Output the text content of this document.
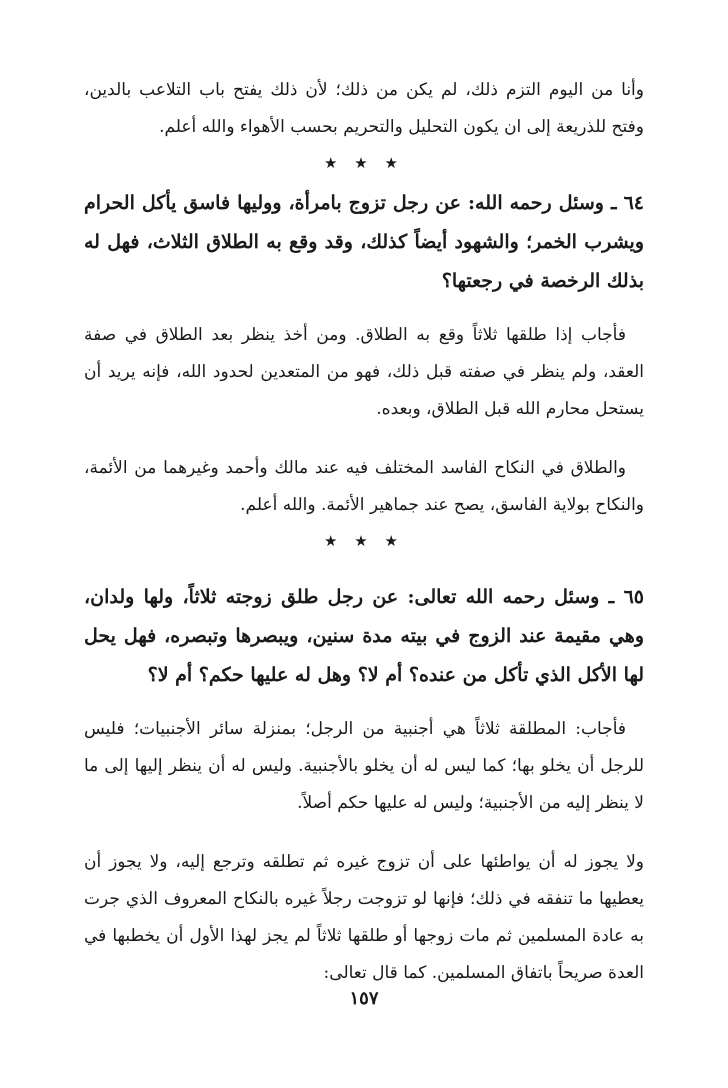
وأنا من اليوم التزم ذلك، لم يكن من ذلك؛ لأن ذلك يفتح باب التلاعب بالدين، وفتح للذريعة إلى ان يكون التحليل والتحريم بحسب الأهواء والله أعلم.

★ ★ ★

٦٤ ـ وسئل رحمه الله: عن رجل تزوج بامرأة، ووليها فاسق يأكل الحرام ويشرب الخمر؛ والشهود أيضاً كذلك، وقد وقع به الطلاق الثلاث، فهل له بذلك الرخصة في رجعتها؟

فأجاب إذا طلقها ثلاثاً وقع به الطلاق. ومن أخذ ينظر بعد الطلاق في صفة العقد، ولم ينظر في صفته قبل ذلك، فهو من المتعدين لحدود الله، فإنه يريد أن يستحل محارم الله قبل الطلاق، وبعده.

والطلاق في النكاح الفاسد المختلف فيه عند مالك وأحمد وغيرهما من الأئمة، والنكاح بولاية الفاسق، يصح عند جماهير الأئمة. والله أعلم.

★ ★ ★

٦٥ ـ وسئل رحمه الله تعالى: عن رجل طلق زوجته ثلاثاً، ولها ولدان، وهي مقيمة عند الزوج في بيته مدة سنين، ويبصرها وتبصره، فهل يحل لها الأكل الذي تأكل من عنده؟ أم لا؟ وهل له عليها حكم؟ أم لا؟

فأجاب: المطلقة ثلاثاً هي أجنبية من الرجل؛ بمنزلة سائر الأجنبيات؛ فليس للرجل أن يخلو بها؛ كما ليس له أن يخلو بالأجنبية. وليس له أن ينظر إليها إلى ما لا ينظر إليه من الأجنبية؛ وليس له عليها حكم أصلاً.

ولا يجوز له أن يواطئها على أن تزوج غيره ثم تطلقه وترجع إليه، ولا يجوز أن يعطيها ما تنفقه في ذلك؛ فإنها لو تزوجت رجلاً غيره بالنكاح المعروف الذي جرت به عادة المسلمين ثم مات زوجها أو طلقها ثلاثاً لم يجز لهذا الأول أن يخطبها في العدة صريحاً باتفاق المسلمين. كما قال تعالى:

١٥٧
